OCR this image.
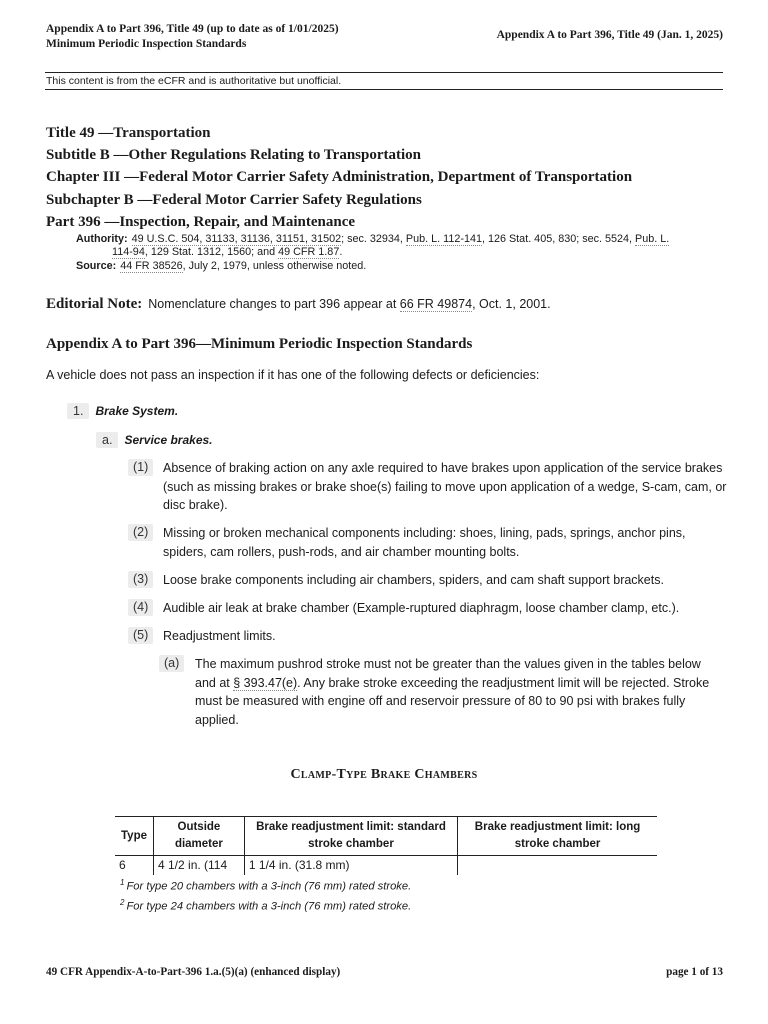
Appendix A to Part 396, Title 49 (up to date as of 1/01/2025)
Minimum Periodic Inspection Standards
Appendix A to Part 396, Title 49 (Jan. 1, 2025)
This content is from the eCFR and is authoritative but unofficial.
Title 49 —Transportation
Subtitle B —Other Regulations Relating to Transportation
Chapter III —Federal Motor Carrier Safety Administration, Department of Transportation
Subchapter B —Federal Motor Carrier Safety Regulations
Part 396 —Inspection, Repair, and Maintenance
Authority: 49 U.S.C. 504, 31133, 31136, 31151, 31502; sec. 32934, Pub. L. 112-141, 126 Stat. 405, 830; sec. 5524, Pub. L.
114-94, 129 Stat. 1312, 1560; and 49 CFR 1.87.
Source: 44 FR 38526, July 2, 1979, unless otherwise noted.
Editorial Note: Nomenclature changes to part 396 appear at 66 FR 49874, Oct. 1, 2001.
Appendix A to Part 396—Minimum Periodic Inspection Standards
A vehicle does not pass an inspection if it has one of the following defects or deficiencies:
1. Brake System.
a. Service brakes.
(1)	Absence of braking action on any axle required to have brakes upon application of the service brakes (such as missing brakes or brake shoe(s) failing to move upon application of a wedge, S-cam, cam, or disc brake).
(2)	Missing or broken mechanical components including: shoes, lining, pads, springs, anchor pins, spiders, cam rollers, push-rods, and air chamber mounting bolts.
(3)	Loose brake components including air chambers, spiders, and cam shaft support brackets.
(4)	Audible air leak at brake chamber (Example-ruptured diaphragm, loose chamber clamp, etc.).
(5)	Readjustment limits.
(a)	The maximum pushrod stroke must not be greater than the values given in the tables below and at § 393.47(e). Any brake stroke exceeding the readjustment limit will be rejected. Stroke must be measured with engine off and reservoir pressure of 80 to 90 psi with brakes fully applied.
Clamp-Type Brake Chambers
Type	Outside diameter	Brake readjustment limit: standard stroke chamber	Brake readjustment limit: long stroke chamber
6	4 1/2 in. (114	1 1/4 in. (31.8 mm)	
$^1$ For type 20 chambers with a 3-inch (76 mm) rated stroke.
$^2$ For type 24 chambers with a 3-inch (76 mm) rated stroke.
49 CFR Appendix-A-to-Part-396 1.a.(5)(a) (enhanced display)	page 1 of 13
